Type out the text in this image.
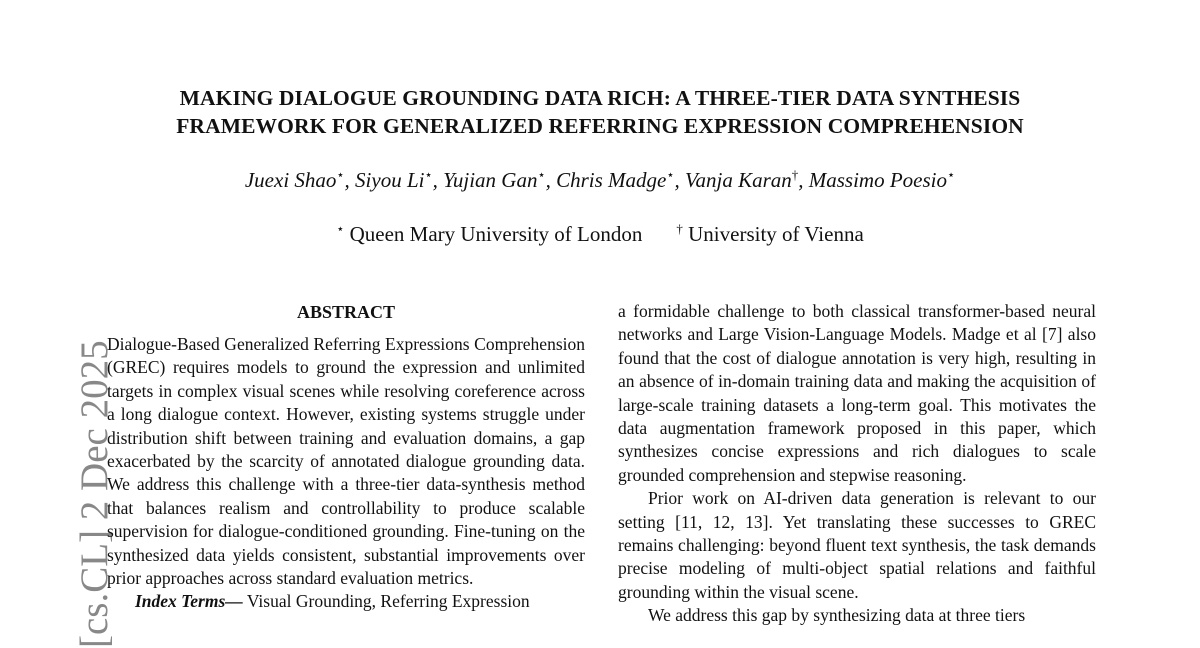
MAKING DIALOGUE GROUNDING DATA RICH: A THREE-TIER DATA SYNTHESIS
FRAMEWORK FOR GENERALIZED REFERRING EXPRESSION COMPREHENSION
Juexi Shao⋆, Siyou Li⋆, Yujian Gan⋆, Chris Madge⋆, Vanja Karan†, Massimo Poesio⋆
⋆ Queen Mary University of London	† University of Vienna
[cs.CL] 2 Dec 2025
ABSTRACT

Dialogue-Based Generalized Referring Expressions Comprehension (GREC) requires models to ground the expression and unlimited targets in complex visual scenes while resolving coreference across a long dialogue context. However, existing systems struggle under distribution shift between training and evaluation domains, a gap exacerbated by the scarcity of annotated dialogue grounding data. We address this challenge with a three-tier data-synthesis method that balances realism and controllability to produce scalable supervision for dialogue-conditioned grounding. Fine-tuning on the synthesized data yields consistent, substantial improvements over prior approaches across standard evaluation metrics.

Index Terms— Visual Grounding, Referring Expression

a formidable challenge to both classical transformer-based neural networks and Large Vision-Language Models. Madge et al [7] also found that the cost of dialogue annotation is very high, resulting in an absence of in-domain training data and making the acquisition of large-scale training datasets a long-term goal. This motivates the data augmentation framework proposed in this paper, which synthesizes concise expressions and rich dialogues to scale grounded comprehension and stepwise reasoning.

Prior work on AI-driven data generation is relevant to our setting [11, 12, 13]. Yet translating these successes to GREC remains challenging: beyond fluent text synthesis, the task demands precise modeling of multi-object spatial relations and faithful grounding within the visual scene.

We address this gap by synthesizing data at three tiers
